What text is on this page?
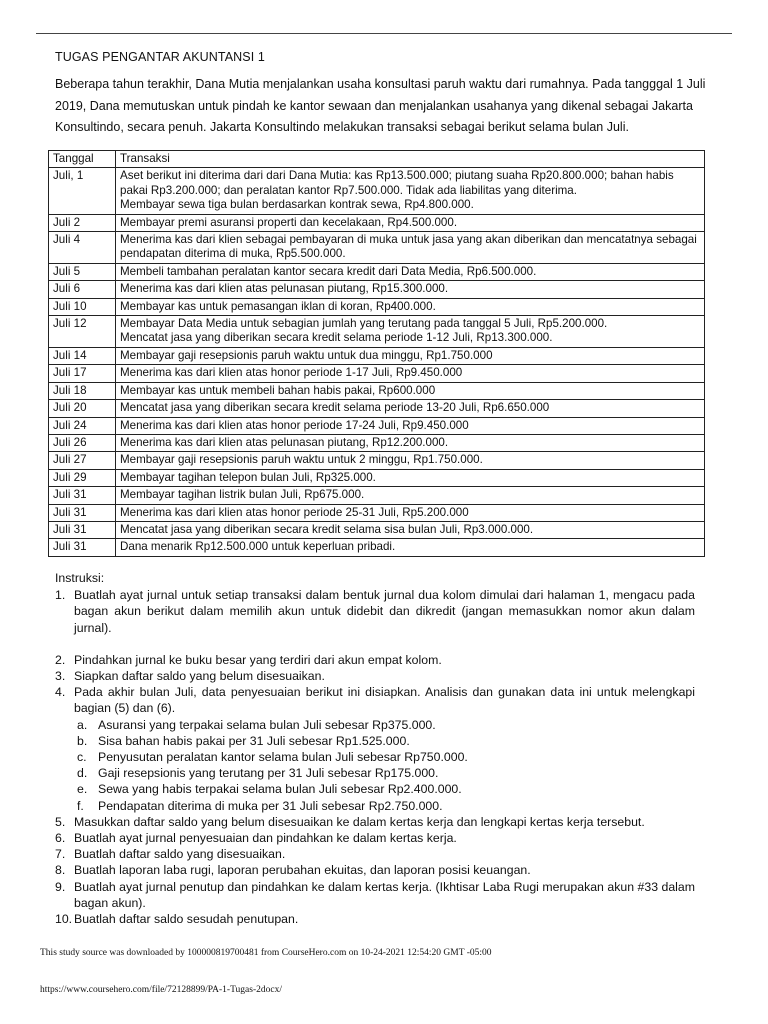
TUGAS PENGANTAR AKUNTANSI 1
Beberapa tahun terakhir, Dana Mutia menjalankan usaha konsultasi paruh waktu dari rumahnya. Pada tangggal 1 Juli 2019, Dana memutuskan untuk pindah ke kantor sewaan dan menjalankan usahanya yang dikenal sebagai Jakarta Konsultindo, secara penuh. Jakarta Konsultindo melakukan transaksi sebagai berikut selama bulan Juli.
Tanggal	Transaksi
Juli, 1	Aset berikut ini diterima dari dari Dana Mutia: kas Rp13.500.000; piutang suaha Rp20.800.000; bahan habis pakai Rp3.200.000; dan peralatan kantor Rp7.500.000. Tidak ada liabilitas yang diterima.
Membayar sewa tiga bulan berdasarkan kontrak sewa, Rp4.800.000.

Juli 2	Membayar premi asuransi properti dan kecelakaan, Rp4.500.000.

Juli 4	Menerima kas dari klien sebagai pembayaran di muka untuk jasa yang akan diberikan dan mencatatnya sebagai pendapatan diterima di muka, Rp5.500.000.

Juli 5	Membeli tambahan peralatan kantor secara kredit dari Data Media, Rp6.500.000.

Juli 6	Menerima kas dari klien atas pelunasan piutang, Rp15.300.000.

Juli 10	Membayar kas untuk pemasangan iklan di koran, Rp400.000.

Juli 12	Membayar Data Media untuk sebagian jumlah yang terutang pada tanggal 5 Juli, Rp5.200.000.
Mencatat jasa yang diberikan secara kredit selama periode 1-12 Juli, Rp13.300.000.

Juli 14	Membayar gaji resepsionis paruh waktu untuk dua minggu, Rp1.750.000

Juli 17	Menerima kas dari klien atas honor periode 1-17 Juli, Rp9.450.000

Juli 18	Membayar kas untuk membeli bahan habis pakai, Rp600.000

Juli 20	Mencatat jasa yang diberikan secara kredit selama periode 13-20 Juli, Rp6.650.000

Juli 24	Menerima kas dari klien atas honor periode 17-24 Juli, Rp9.450.000

Juli 26	Menerima kas dari klien atas pelunasan piutang, Rp12.200.000.

Juli 27	Membayar gaji resepsionis paruh waktu untuk 2 minggu, Rp1.750.000.

Juli 29	Membayar tagihan telepon bulan Juli, Rp325.000.

Juli 31	Membayar tagihan listrik bulan Juli, Rp675.000.

Juli 31	Menerima kas dari klien atas honor periode 25-31 Juli, Rp5.200.000

Juli 31	Mencatat jasa yang diberikan secara kredit selama sisa bulan Juli, Rp3.000.000.

Juli 31	Dana menarik Rp12.500.000 untuk keperluan pribadi.
Instruksi:
1. Buatlah ayat jurnal untuk setiap transaksi dalam bentuk jurnal dua kolom dimulai dari halaman 1, mengacu pada bagan akun berikut dalam memilih akun untuk didebit dan dikredit (jangan memasukkan nomor akun dalam jurnal).
2. Pindahkan jurnal ke buku besar yang terdiri dari akun empat kolom.
3. Siapkan daftar saldo yang belum disesuaikan.
4. Pada akhir bulan Juli, data penyesuaian berikut ini disiapkan. Analisis dan gunakan data ini untuk melengkapi bagian (5) dan (6).
a. Asuransi yang terpakai selama bulan Juli sebesar Rp375.000.
b. Sisa bahan habis pakai per 31 Juli sebesar Rp1.525.000.
c. Penyusutan peralatan kantor selama bulan Juli sebesar Rp750.000.
d. Gaji resepsionis yang terutang per 31 Juli sebesar Rp175.000.
e. Sewa yang habis terpakai selama bulan Juli sebesar Rp2.400.000.
f. Pendapatan diterima di muka per 31 Juli sebesar Rp2.750.000.
5. Masukkan daftar saldo yang belum disesuaikan ke dalam kertas kerja dan lengkapi kertas kerja tersebut.
6. Buatlah ayat jurnal penyesuaian dan pindahkan ke dalam kertas kerja.
7. Buatlah daftar saldo yang disesuaikan.
8. Buatlah laporan laba rugi, laporan perubahan ekuitas, dan laporan posisi keuangan.
9. Buatlah ayat jurnal penutup dan pindahkan ke dalam kertas kerja. (Ikhtisar Laba Rugi merupakan akun #33 dalam bagan akun).
10. Buatlah daftar saldo sesudah penutupan.
This study source was downloaded by 100000819700481 from CourseHero.com on 10-24-2021 12:54:20 GMT -05:00
https://www.coursehero.com/file/72128899/PA-1-Tugas-2docx/
